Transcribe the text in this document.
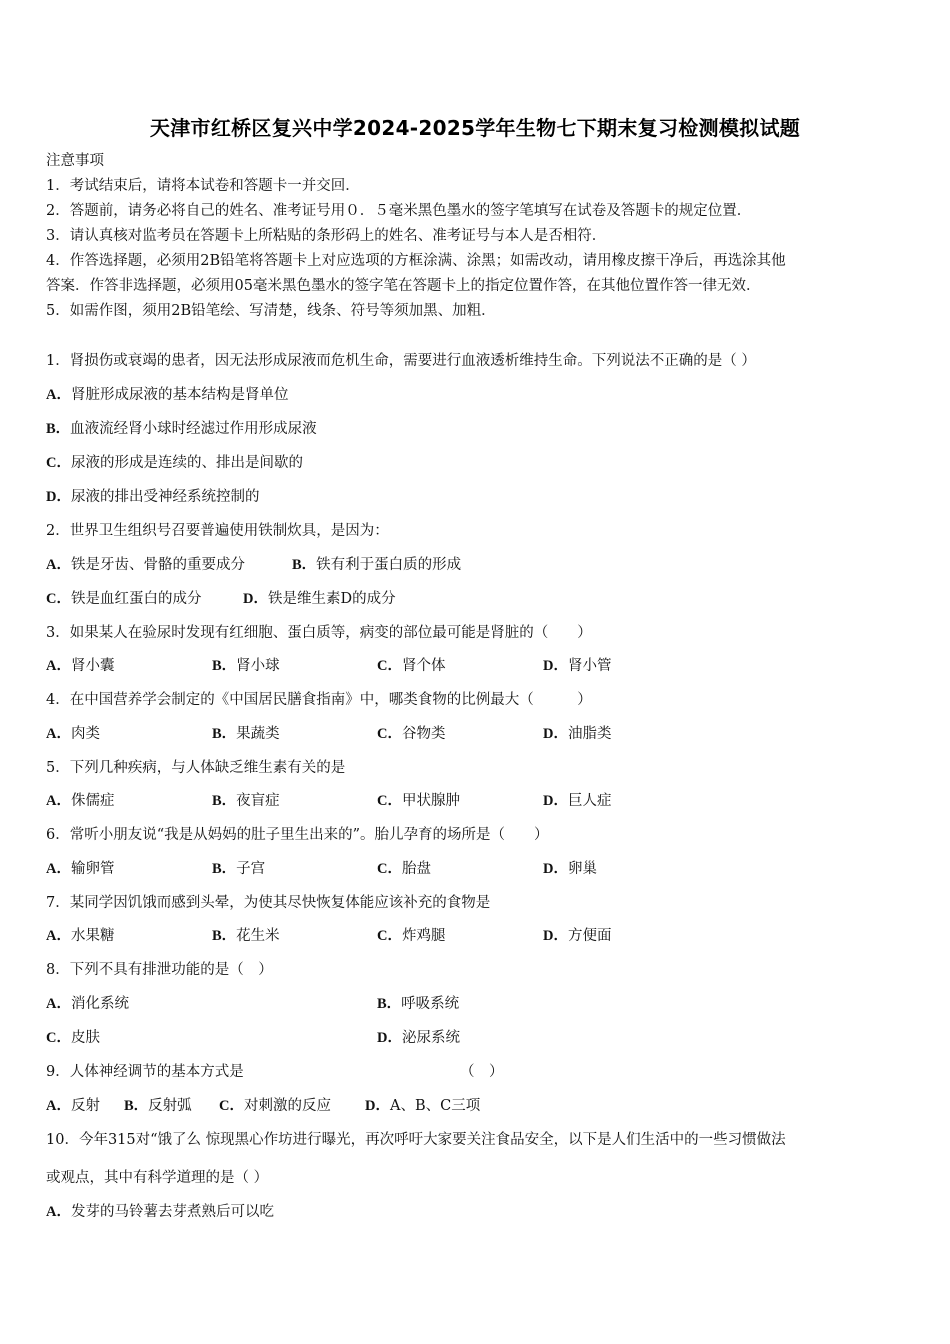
天津市红桥区复兴中学2024-2025学年生物七下期末复习检测模拟试题
注意事项
1．考试结束后，请将本试卷和答题卡一并交回．
2．答题前，请务必将自己的姓名、准考证号用０．５毫米黑色墨水的签字笔填写在试卷及答题卡的规定位置．
3．请认真核对监考员在答题卡上所粘贴的条形码上的姓名、准考证号与本人是否相符．
4．作答选择题，必须用2B铅笔将答题卡上对应选项的方框涂满、涂黑；如需改动，请用橡皮擦干净后，再选涂其他
答案．作答非选择题，必须用05毫米黑色墨水的签字笔在答题卡上的指定位置作答，在其他位置作答一律无效．
5．如需作图，须用2B铅笔绘、写清楚，线条、符号等须加黑、加粗．
1．肾损伤或衰竭的患者，因无法形成尿液而危机生命，需要进行血液透析维持生命。下列说法不正确的是（ ）
A．肾脏形成尿液的基本结构是肾单位
B．血液流经肾小球时经滤过作用形成尿液
C．尿液的形成是连续的、排出是间歇的
D．尿液的排出受神经系统控制的
2．世界卫生组织号召要普遍使用铁制炊具，是因为：
A．铁是牙齿、骨骼的重要成分	B．铁有利于蛋白质的形成
C．铁是血红蛋白的成分	D．铁是维生素D的成分
3．如果某人在验尿时发现有红细胞、蛋白质等，病变的部位最可能是肾脏的（　　）
A．肾小囊	B．肾小球	C．肾个体	D．肾小管
4．在中国营养学会制定的《中国居民膳食指南》中，哪类食物的比例最大（　　　）
A．肉类	B．果蔬类	C．谷物类	D．油脂类
5．下列几种疾病，与人体缺乏维生素有关的是
A．侏儒症	B．夜盲症	C．甲状腺肿	D．巨人症
6．常听小朋友说“我是从妈妈的肚子里生出来的”。胎儿孕育的场所是（　　）
A．输卵管	B．子宫	C．胎盘	D．卵巢
7．某同学因饥饿而感到头晕，为使其尽快恢复体能应该补充的食物是
A．水果糖	B．花生米	C．炸鸡腿	D．方便面
8．下列不具有排泄功能的是（　）
A．消化系统	B．呼吸系统
C．皮肤	D．泌尿系统
9．人体神经调节的基本方式是	（　）
A．反射 B．反射弧 C．对刺激的反应 D．A、B、C三项
10．今年315对“饿了么 惊现黑心作坊进行曝光，再次呼吁大家要关注食品安全，以下是人们生活中的一些习惯做法
或观点，其中有科学道理的是（ ）
A．发芽的马铃薯去芽煮熟后可以吃
